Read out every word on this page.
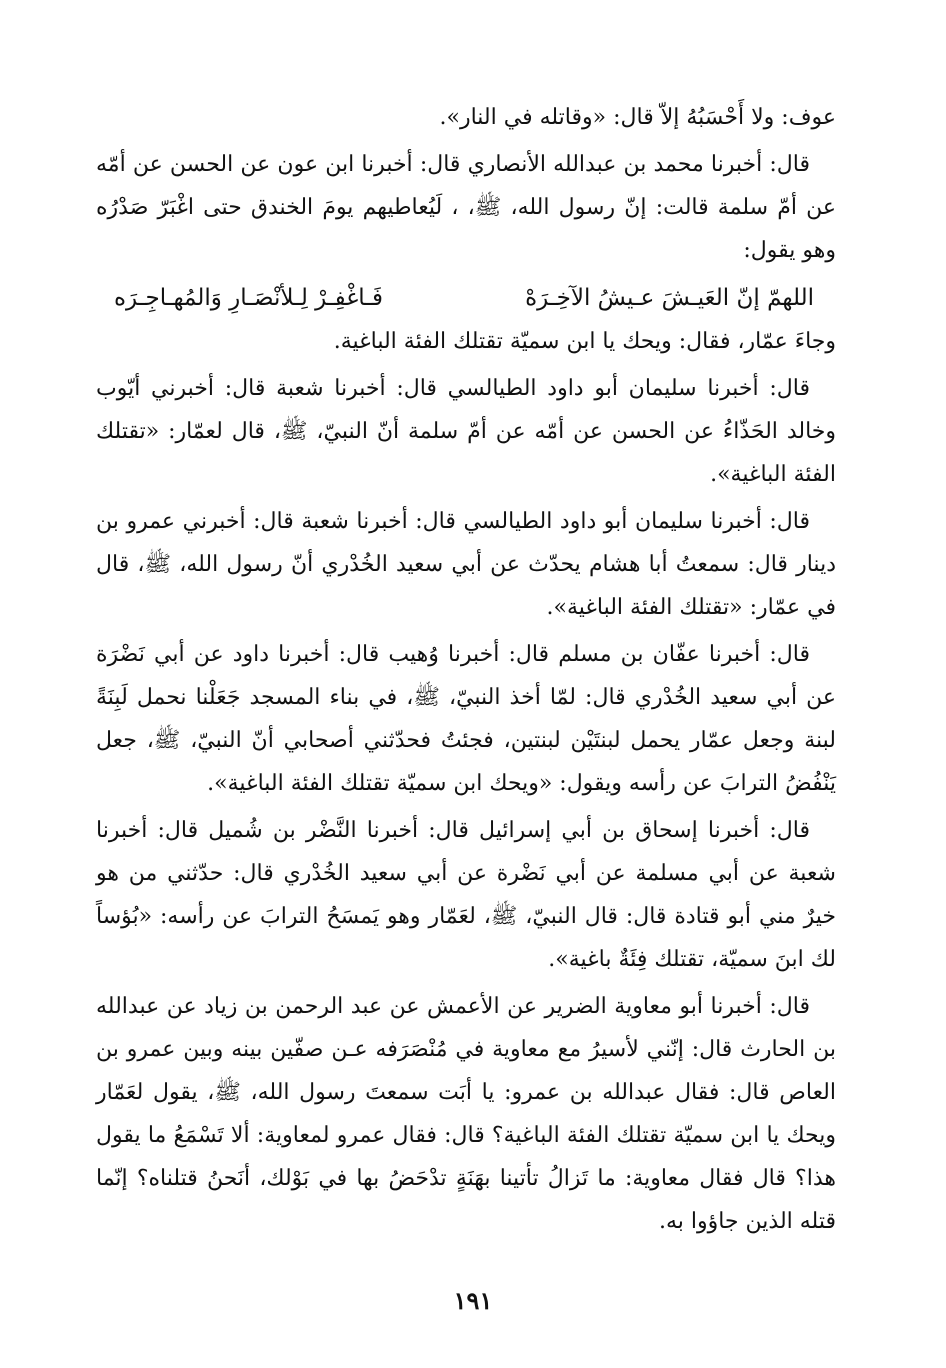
عوف: ولا أَحْسَبُهُ إلاّ قال: «وقاتله في النار».

قال: أخبرنا محمد بن عبدالله الأنصاري قال: أخبرنا ابن عون عن الحسن عن أمّه عن أمّ سلمة قالت: إنّ رسول الله، ﷺ، ، لَيُعاطيهم يومَ الخندق حتى اغْبَرّ صَدْرُه وهو يقول:

اللهمّ إنّ العَيـشَ عـيشُ الآخِـرَهْ
فَـاغْفِـرْ لِـلأنْصَـارِ وَالمُهـاجِـرَه

وجاءَ عمّار، فقال: ويحك يا ابن سميّة تقتلك الفئة الباغية.

قال: أخبرنا سليمان أبو داود الطيالسي قال: أخبرنا شعبة قال: أخبرني أيّوب وخالد الحَذّاءُ عن الحسن عن أمّه عن أمّ سلمة أنّ النبيّ، ﷺ، قال لعمّار: «تقتلك الفئة الباغية».

قال: أخبرنا سليمان أبو داود الطيالسي قال: أخبرنا شعبة قال: أخبرني عمرو بن دينار قال: سمعتُ أبا هشام يحدّث عن أبي سعيد الخُدْري أنّ رسول الله، ﷺ، قال في عمّار: «تقتلك الفئة الباغية».

قال: أخبرنا عفّان بن مسلم قال: أخبرنا وُهيب قال: أخبرنا داود عن أبي نَضْرَة عن أبي سعيد الخُدْري قال: لمّا أخذ النبيّ، ﷺ، في بناء المسجد جَعَلْنا نحمل لَبِنَةً لبنة وجعل عمّار يحمل لبنتَيْن لبنتين، فجئتُ فحدّثني أصحابي أنّ النبيّ، ﷺ، جعل يَنْفُضُ الترابَ عن رأسه ويقول: «ويحك ابن سميّة تقتلك الفئة الباغية».

قال: أخبرنا إسحاق بن أبي إسرائيل قال: أخبرنا النَّضْر بن شُميل قال: أخبرنا شعبة عن أبي مسلمة عن أبي نَضْرة عن أبي سعيد الخُدْري قال: حدّثني من هو خيرٌ مني أبو قتادة قال: قال النبيّ، ﷺ، لعَمّار وهو يَمسَحُ الترابَ عن رأسه: «بُؤساً لك ابنَ سميّة، تقتلك فِئَةٌ باغية».

قال: أخبرنا أبو معاوية الضرير عن الأعمش عن عبد الرحمن بن زياد عن عبدالله بن الحارث قال: إنّني لأسيرُ مع معاوية في مُنْصَرَفه عـن صفّين بينه وبين عمرو بن العاص قال: فقال عبدالله بن عمرو: يا أبَت سمعتَ رسول الله، ﷺ، يقول لعَمّار ويحك يا ابن سميّة تقتلك الفئة الباغية؟ قال: فقال عمرو لمعاوية: ألا تَسْمَعُ ما يقول هذا؟ قال فقال معاوية: ما تَزالُ تأتينا بهَنَةٍ تدْحَضُ بها في بَوْلك، أنَحنُ قتلناه؟ إنّما قتله الذين جاؤوا به.

١٩١
